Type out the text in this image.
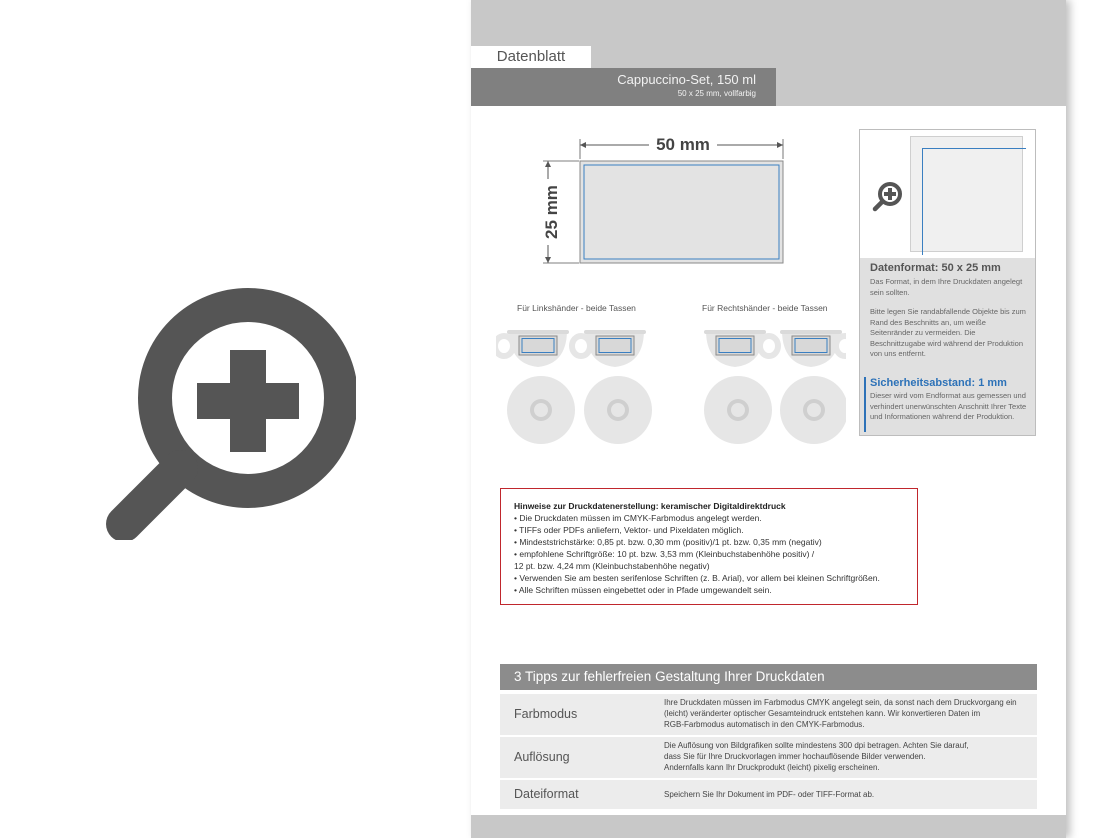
Datenblatt
Cappuccino-Set, 150 ml
50 x 25 mm, vollfarbig
50 mm
25 mm
Datenformat: 50 x 25 mm
Das Format, in dem Ihre Druckdaten angelegt sein sollten.
Bitte legen Sie randabfallende Objekte bis zum Rand des Beschnitts an, um weiße Seitenränder zu vermeiden. Die Beschnittzugabe wird während der Produktion von uns entfernt.
Sicherheitsabstand: 1 mm
Dieser wird vom Endformat aus gemessen und verhindert unerwünschten Anschnitt Ihrer Texte und Informationen während der Produktion.
Für Linkshänder - beide Tassen	Für Rechtshänder - beide Tassen
Hinweise zur Druckdatenerstellung: keramischer Digitaldirektdruck
• Die Druckdaten müssen im CMYK-Farbmodus angelegt werden.
• TIFFs oder PDFs anliefern, Vektor- und Pixeldaten möglich.
• Mindeststrichstärke: 0,85 pt. bzw. 0,30 mm (positiv)/1 pt. bzw. 0,35 mm (negativ)
• empfohlene Schriftgröße: 10 pt. bzw. 3,53 mm (Kleinbuchstabenhöhe positiv) /
12 pt. bzw. 4,24 mm (Kleinbuchstabenhöhe negativ)
• Verwenden Sie am besten serifenlose Schriften (z. B. Arial), vor allem bei kleinen Schriftgrößen.
• Alle Schriften müssen eingebettet oder in Pfade umgewandelt sein.
3 Tipps zur fehlerfreien Gestaltung Ihrer Druckdaten
Farbmodus
Ihre Druckdaten müssen im Farbmodus CMYK angelegt sein, da sonst nach dem Druckvorgang ein
(leicht) veränderter optischer Gesamteindruck entstehen kann. Wir konvertieren Daten im
RGB-Farbmodus automatisch in den CMYK-Farbmodus.
Auflösung
Die Auflösung von Bildgrafiken sollte mindestens 300 dpi betragen. Achten Sie darauf,
dass Sie für Ihre Druckvorlagen immer hochauflösende Bilder verwenden.
Andernfalls kann Ihr Druckprodukt (leicht) pixelig erscheinen.
Dateiformat	Speichern Sie Ihr Dokument im PDF- oder TIFF-Format ab.
